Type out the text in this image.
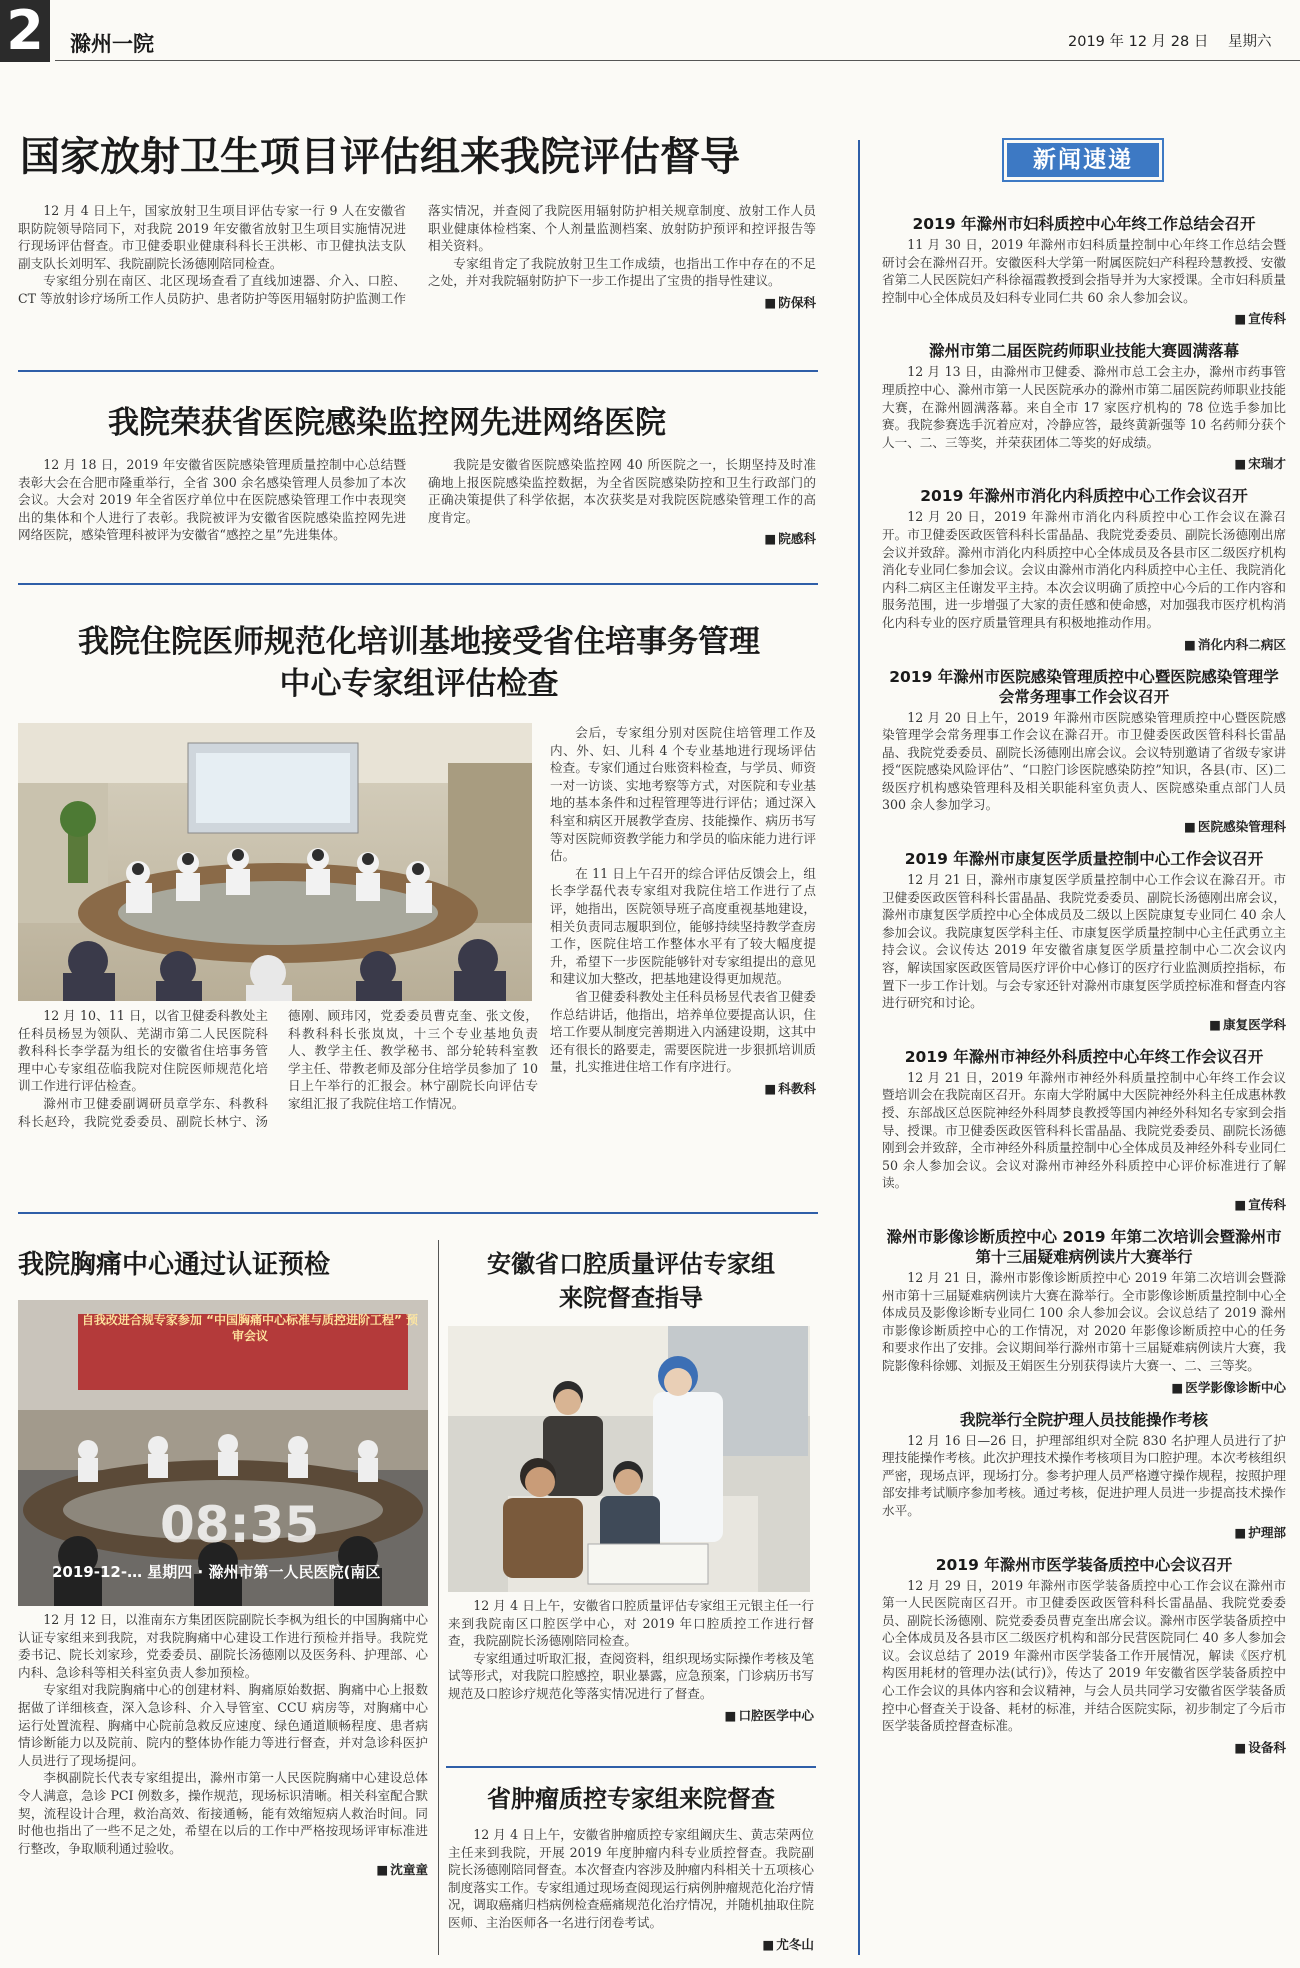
2 滁州一院	2019 年 12 月 28 日 星期六
国家放射卫生项目评估组来我院评估督导

12 月 4 日上午，国家放射卫生项目评估专家一行 9 人在安徽省职防院领导陪同下，对我院 2019 年安徽省放射卫生项目实施情况进行现场评估督查。市卫健委职业健康科科长王洪彬、市卫健执法支队副支队长刘明军、我院副院长汤德刚陪同检查。

专家组分别在南区、北区现场查看了直线加速器、介入、口腔、CT 等放射诊疗场所工作人员防护、患者防护等医用辐射防护监测工作落实情况，并查阅了我院医用辐射防护相关规章制度、放射工作人员职业健康体检档案、个人剂量监测档案、放射防护预评和控评报告等相关资料。

专家组肯定了我院放射卫生工作成绩，也指出工作中存在的不足之处，并对我院辐射防护下一步工作提出了宝贵的指导性建议。

■ 防保科
我院荣获省医院感染监控网先进网络医院

12 月 18 日，2019 年安徽省医院感染管理质量控制中心总结暨表彰大会在合肥市隆重举行，全省 300 余名感染管理人员参加了本次会议。大会对 2019 年全省医疗单位中在医院感染管理工作中表现突出的集体和个人进行了表彰。我院被评为安徽省医院感染监控网先进网络医院，感染管理科被评为安徽省“感控之星”先进集体。

我院是安徽省医院感染监控网 40 所医院之一，长期坚持及时准确地上报医院感染监控数据，为全省医院感染防控和卫生行政部门的正确决策提供了科学依据，本次获奖是对我院医院感染管理工作的高度肯定。

■ 院感科
我院住院医师规范化培训基地接受省住培事务管理
中心专家组评估检查

12 月 10、11 日，以省卫健委科教处主任科员杨昱为领队、芜湖市第二人民医院科教科科长李学磊为组长的安徽省住培事务管理中心专家组莅临我院对住院医师规范化培训工作进行评估检查。

滁州市卫健委副调研员章学东、科教科科长赵玲，我院党委委员、副院长林宁、汤德刚、顾玮冈，党委委员曹克奎、张文俊，科教科科长张岚岚，十三个专业基地负责人、教学主任、教学秘书、部分轮转科室教学主任、带教老师及部分住培学员参加了 10 日上午举行的汇报会。林宁副院长向评估专家组汇报了我院住培工作情况。

会后，专家组分别对医院住培管理工作及内、外、妇、儿科 4 个专业基地进行现场评估检查。专家们通过台账资料检查，与学员、师资一对一访谈、实地考察等方式，对医院和专业基地的基本条件和过程管理等进行评估；通过深入科室和病区开展教学查房、技能操作、病历书写等对医院师资教学能力和学员的临床能力进行评估。

在 11 日上午召开的综合评估反馈会上，组长李学磊代表专家组对我院住培工作进行了点评，她指出，医院领导班子高度重视基地建设，相关负责同志履职到位，能够持续坚持教学查房工作，医院住培工作整体水平有了较大幅度提升，希望下一步医院能够针对专家组提出的意见和建议加大整改，把基地建设得更加规范。

省卫健委科教处主任科员杨昱代表省卫健委作总结讲话，他指出，培养单位要提高认识，住培工作要从制度完善期进入内涵建设期，这其中还有很长的路要走，需要医院进一步狠抓培训质量，扎实推进住培工作有序进行。

■ 科教科
我院胸痛中心通过认证预检
自我改进合规专家参加 “中国胸痛中心标准与质控进阶工程” 预审会议
08:35
2019-12-… 星期四 · 滁州市第一人民医院(南区

12 月 12 日，以淮南东方集团医院副院长李枫为组长的中国胸痛中心认证专家组来到我院，对我院胸痛中心建设工作进行预检并指导。我院党委书记、院长刘家珍，党委委员、副院长汤德刚以及医务科、护理部、心内科、急诊科等相关科室负责人参加预检。

专家组对我院胸痛中心的创建材料、胸痛原始数据、胸痛中心上报数据做了详细核查，深入急诊科、介入导管室、CCU 病房等，对胸痛中心运行处置流程、胸痛中心院前急救反应速度、绿色通道顺畅程度、患者病情诊断能力以及院前、院内的整体协作能力等进行督查，并对急诊科医护人员进行了现场提问。

李枫副院长代表专家组提出，滁州市第一人民医院胸痛中心建设总体令人满意，急诊 PCI 例数多，操作规范，现场标识清晰。相关科室配合默契，流程设计合理，救治高效、衔接通畅，能有效缩短病人救治时间。同时他也指出了一些不足之处，希望在以后的工作中严格按现场评审标准进行整改，争取顺利通过验收。

■ 沈童童
安徽省口腔质量评估专家组
来院督查指导

12 月 4 日上午，安徽省口腔质量评估专家组王元银主任一行来到我院南区口腔医学中心，对 2019 年口腔质控工作进行督查，我院副院长汤德刚陪同检查。

专家组通过听取汇报，查阅资料，组织现场实际操作考核及笔试等形式，对我院口腔感控，职业暴露，应急预案，门诊病历书写规范及口腔诊疗规范化等落实情况进行了督查。

■ 口腔医学中心
省肿瘤质控专家组来院督查

12 月 4 日上午，安徽省肿瘤质控专家组阚庆生、黄志荣两位主任来到我院，开展 2019 年度肿瘤内科专业质控督查。我院副院长汤德刚陪同督查。本次督查内容涉及肿瘤内科相关十五项核心制度落实工作。专家组通过现场查阅现运行病例肿瘤规范化治疗情况，调取癌痛归档病例检查癌痛规范化治疗情况，并随机抽取住院医师、主治医师各一名进行闭卷考试。

■ 尤冬山
新闻速递
2019 年滁州市妇科质控中心年终工作总结会召开

11 月 30 日，2019 年滁州市妇科质量控制中心年终工作总结会暨研讨会在滁州召开。安徽医科大学第一附属医院妇产科程玲慧教授、安徽省第二人民医院妇产科徐福霞教授到会指导并为大家授课。全市妇科质量控制中心全体成员及妇科专业同仁共 60 余人参加会议。

■ 宣传科
滁州市第二届医院药师职业技能大赛圆满落幕

12 月 13 日，由滁州市卫健委、滁州市总工会主办，滁州市药事管理质控中心、滁州市第一人民医院承办的滁州市第二届医院药师职业技能大赛，在滁州圆满落幕。来自全市 17 家医疗机构的 78 位选手参加比赛。我院参赛选手沉着应对，冷静应答，最终黄新强等 10 名药师分获个人一、二、三等奖，并荣获团体二等奖的好成绩。

■ 宋瑞才
2019 年滁州市消化内科质控中心工作会议召开

12 月 20 日，2019 年滁州市消化内科质控中心工作会议在滁召开。市卫健委医政医管科科长雷晶晶、我院党委委员、副院长汤德刚出席会议并致辞。滁州市消化内科质控中心全体成员及各县市区二级医疗机构消化专业同仁参加会议。会议由滁州市消化内科质控中心主任、我院消化内科二病区主任谢发平主持。本次会议明确了质控中心今后的工作内容和服务范围，进一步增强了大家的责任感和使命感，对加强我市医疗机构消化内科专业的医疗质量管理具有积极地推动作用。

■ 消化内科二病区
2019 年滁州市医院感染管理质控中心暨医院感染管理学会常务理事工作会议召开

12 月 20 日上午，2019 年滁州市医院感染管理质控中心暨医院感染管理学会常务理事工作会议在滁召开。市卫健委医政医管科科长雷晶晶、我院党委委员、副院长汤德刚出席会议。会议特别邀请了省级专家讲授“医院感染风险评估”、“口腔门诊医院感染防控”知识，各县(市、区)二级医疗机构感染管理科及相关职能科室负责人、医院感染重点部门人员 300 余人参加学习。

■ 医院感染管理科
2019 年滁州市康复医学质量控制中心工作会议召开

12 月 21 日，滁州市康复医学质量控制中心工作会议在滁召开。市卫健委医政医管科科长雷晶晶、我院党委委员、副院长汤德刚出席会议，滁州市康复医学质控中心全体成员及二级以上医院康复专业同仁 40 余人参加会议。我院康复医学科主任、市康复医学质量控制中心主任武勇立主持会议。会议传达 2019 年安徽省康复医学质量控制中心二次会议内容，解读国家医政医管局医疗评价中心修订的医疗行业监测质控指标，布置下一步工作计划。与会专家还针对滁州市康复医学质控标准和督查内容进行研究和讨论。

■ 康复医学科
2019 年滁州市神经外科质控中心年终工作会议召开

12 月 21 日，2019 年滁州市神经外科质量控制中心年终工作会议暨培训会在我院南区召开。东南大学附属中大医院神经外科主任成惠林教授、东部战区总医院神经外科周梦良教授等国内神经外科知名专家到会指导、授课。市卫健委医政医管科科长雷晶晶、我院党委委员、副院长汤德刚到会并致辞，全市神经外科质量控制中心全体成员及神经外科专业同仁 50 余人参加会议。会议对滁州市神经外科质控中心评价标准进行了解读。

■ 宣传科
滁州市影像诊断质控中心 2019 年第二次培训会暨滁州市第十三届疑难病例读片大赛举行

12 月 21 日，滁州市影像诊断质控中心 2019 年第二次培训会暨滁州市第十三届疑难病例读片大赛在滁举行。全市影像诊断质量控制中心全体成员及影像诊断专业同仁 100 余人参加会议。会议总结了 2019 滁州市影像诊断质控中心的工作情况，对 2020 年影像诊断质控中心的任务和要求作出了安排。会议期间举行滁州市第十三届疑难病例读片大赛，我院影像科徐娜、刘振及王娟医生分别获得读片大赛一、二、三等奖。

■ 医学影像诊断中心
我院举行全院护理人员技能操作考核

12 月 16 日—26 日，护理部组织对全院 830 名护理人员进行了护理技能操作考核。此次护理技术操作考核项目为口腔护理。本次考核组织严密，现场点评，现场打分。参考护理人员严格遵守操作规程，按照护理部安排考试顺序参加考核。通过考核，促进护理人员进一步提高技术操作水平。

■ 护理部
2019 年滁州市医学装备质控中心会议召开

12 月 29 日，2019 年滁州市医学装备质控中心工作会议在滁州市第一人民医院南区召开。市卫健委医政医管科科长雷晶晶、我院党委委员、副院长汤德刚、院党委委员曹克奎出席会议。滁州市医学装备质控中心全体成员及各县市区二级医疗机构和部分民营医院同仁 40 多人参加会议。会议总结了 2019 年滁州市医学装备工作开展情况，解读《医疗机构医用耗材的管理办法(试行)》，传达了 2019 年安徽省医学装备质控中心工作会议的具体内容和会议精神，与会人员共同学习安徽省医学装备质控中心督查关于设备、耗材的标准，并结合医院实际，初步制定了今后市医学装备质控督查标准。

■ 设备科
